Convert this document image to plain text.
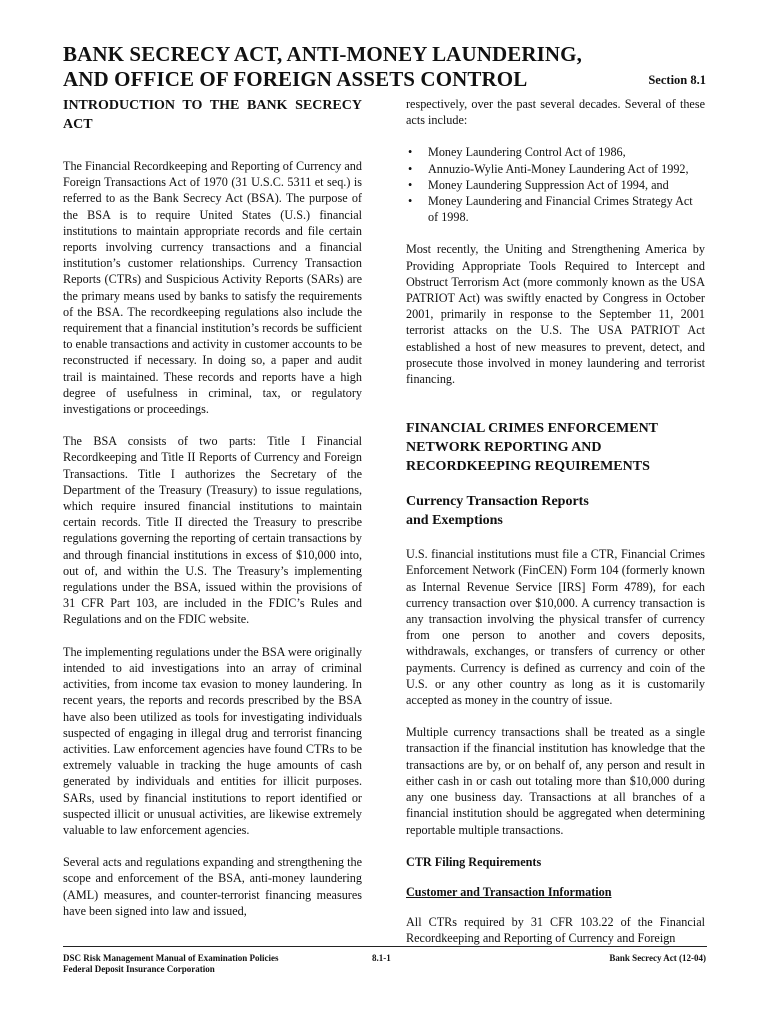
BANK SECRECY ACT, ANTI-MONEY LAUNDERING,
AND OFFICE OF FOREIGN ASSETS CONTROL	Section 8.1
INTRODUCTION TO THE BANK SECRECY ACT

The Financial Recordkeeping and Reporting of Currency and Foreign Transactions Act of 1970 (31 U.S.C. 5311 et seq.) is referred to as the Bank Secrecy Act (BSA). The purpose of the BSA is to require United States (U.S.) financial institutions to maintain appropriate records and file certain reports involving currency transactions and a financial institution’s customer relationships. Currency Transaction Reports (CTRs) and Suspicious Activity Reports (SARs) are the primary means used by banks to satisfy the requirements of the BSA. The recordkeeping regulations also include the requirement that a financial institution’s records be sufficient to enable transactions and activity in customer accounts to be reconstructed if necessary. In doing so, a paper and audit trail is maintained. These records and reports have a high degree of usefulness in criminal, tax, or regulatory investigations or proceedings.

The BSA consists of two parts: Title I Financial Recordkeeping and Title II Reports of Currency and Foreign Transactions. Title I authorizes the Secretary of the Department of the Treasury (Treasury) to issue regulations, which require insured financial institutions to maintain certain records. Title II directed the Treasury to prescribe regulations governing the reporting of certain transactions by and through financial institutions in excess of $10,000 into, out of, and within the U.S. The Treasury’s implementing regulations under the BSA, issued within the provisions of 31 CFR Part 103, are included in the FDIC’s Rules and Regulations and on the FDIC website.

The implementing regulations under the BSA were originally intended to aid investigations into an array of criminal activities, from income tax evasion to money laundering. In recent years, the reports and records prescribed by the BSA have also been utilized as tools for investigating individuals suspected of engaging in illegal drug and terrorist financing activities. Law enforcement agencies have found CTRs to be extremely valuable in tracking the huge amounts of cash generated by individuals and entities for illicit purposes. SARs, used by financial institutions to report identified or suspected illicit or unusual activities, are likewise extremely valuable to law enforcement agencies.

Several acts and regulations expanding and strengthening the scope and enforcement of the BSA, anti-money laundering (AML) measures, and counter-terrorist financing measures have been signed into law and issued,

respectively, over the past several decades. Several of these acts include:

• Money Laundering Control Act of 1986,
• Annuzio-Wylie Anti-Money Laundering Act of 1992,
• Money Laundering Suppression Act of 1994, and
• Money Laundering and Financial Crimes Strategy Act of 1998.

Most recently, the Uniting and Strengthening America by Providing Appropriate Tools Required to Intercept and Obstruct Terrorism Act (more commonly known as the USA PATRIOT Act) was swiftly enacted by Congress in October 2001, primarily in response to the September 11, 2001 terrorist attacks on the U.S. The USA PATRIOT Act established a host of new measures to prevent, detect, and prosecute those involved in money laundering and terrorist financing.

FINANCIAL CRIMES ENFORCEMENT NETWORK REPORTING AND RECORDKEEPING REQUIREMENTS
Currency Transaction Reports
and Exemptions

U.S. financial institutions must file a CTR, Financial Crimes Enforcement Network (FinCEN) Form 104 (formerly known as Internal Revenue Service [IRS] Form 4789), for each currency transaction over $10,000. A currency transaction is any transaction involving the physical transfer of currency from one person to another and covers deposits, withdrawals, exchanges, or transfers of currency or other payments. Currency is defined as currency and coin of the U.S. or any other country as long as it is customarily accepted as money in the country of issue.

Multiple currency transactions shall be treated as a single transaction if the financial institution has knowledge that the transactions are by, or on behalf of, any person and result in either cash in or cash out totaling more than $10,000 during any one business day. Transactions at all branches of a financial institution should be aggregated when determining reportable multiple transactions.

CTR Filing Requirements
Customer and Transaction Information

All CTRs required by 31 CFR 103.22 of the Financial Recordkeeping and Reporting of Currency and Foreign

DSC Risk Management Manual of Examination Policies
Federal Deposit Insurance Corporation
8.1-1	Bank Secrecy Act (12-04)
